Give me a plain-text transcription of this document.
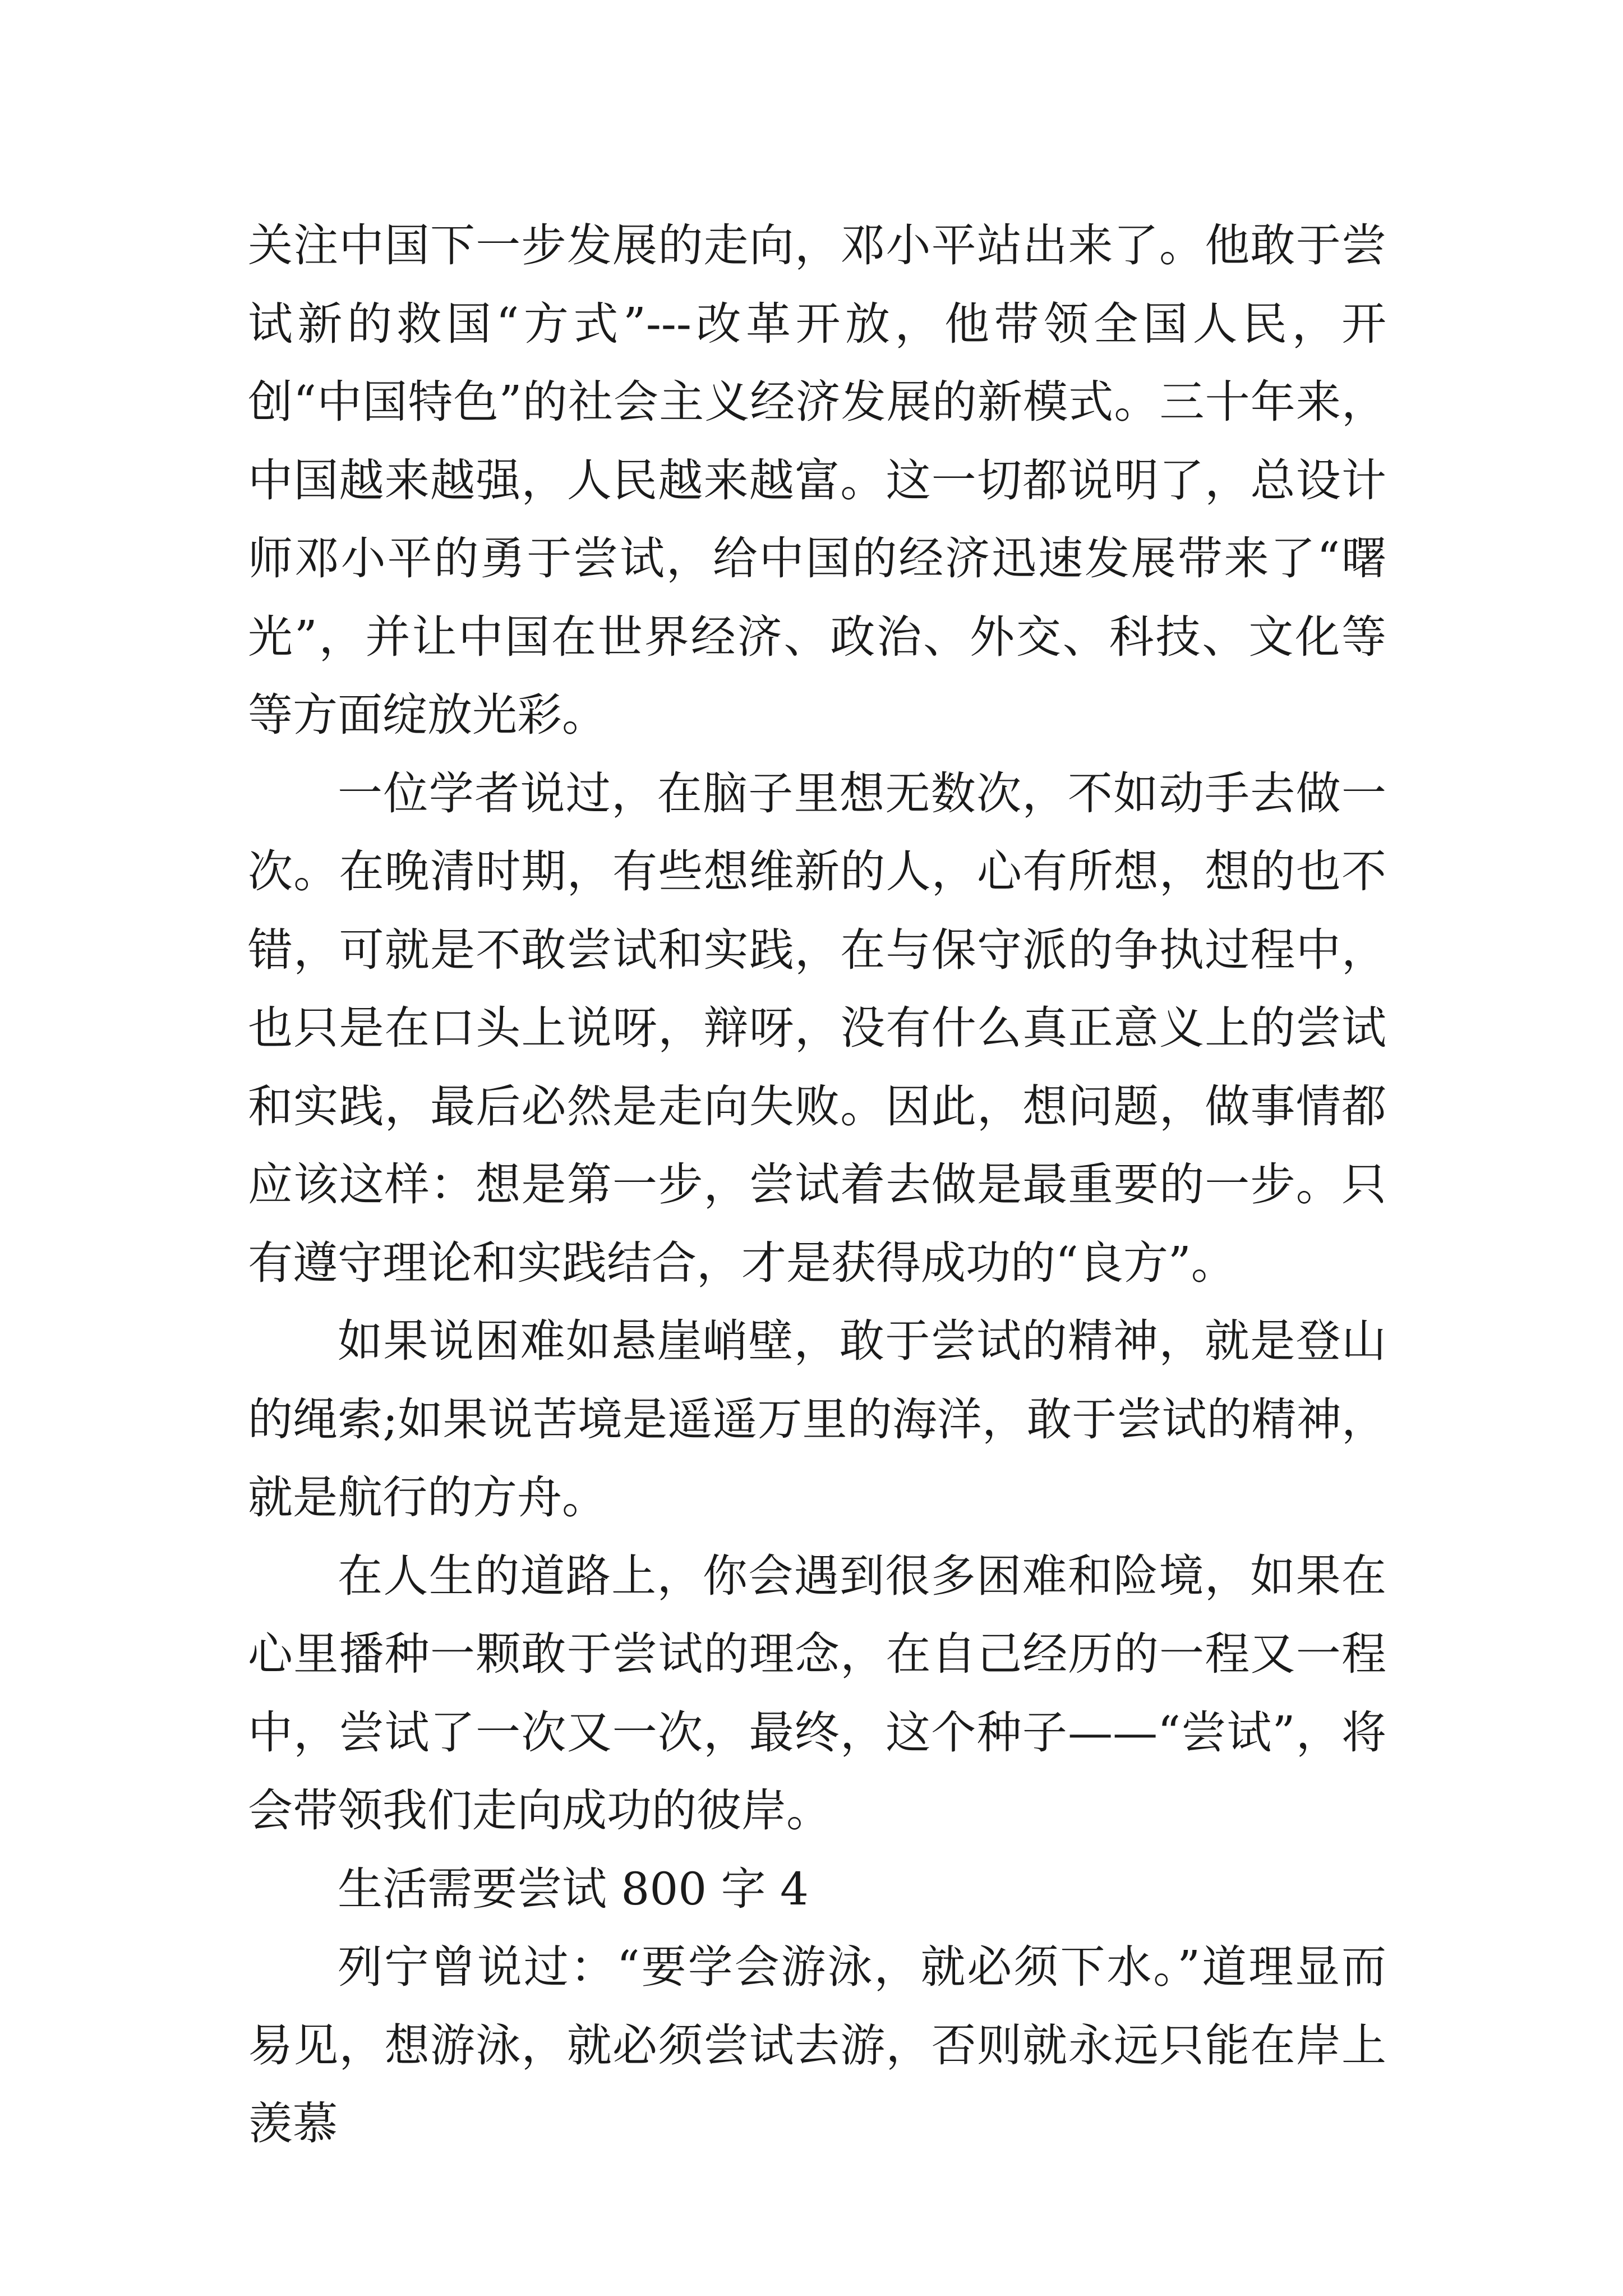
关注中国下一步发展的走向，邓小平站出来了。他敢于尝试新的救国“方式”---改革开放，他带领全国人民，开创“中国特色”的社会主义经济发展的新模式。三十年来，中国越来越强，人民越来越富。这一切都说明了，总设计师邓小平的勇于尝试，给中国的经济迅速发展带来了“曙光”，并让中国在世界经济、政治、外交、科技、文化等等方面绽放光彩。

一位学者说过，在脑子里想无数次，不如动手去做一次。在晚清时期，有些想维新的人，心有所想，想的也不错，可就是不敢尝试和实践，在与保守派的争执过程中，也只是在口头上说呀，辩呀，没有什么真正意义上的尝试和实践，最后必然是走向失败。因此，想问题，做事情都应该这样：想是第一步，尝试着去做是最重要的一步。只有遵守理论和实践结合，才是获得成功的“良方”。

如果说困难如悬崖峭壁，敢于尝试的精神，就是登山的绳索;如果说苦境是遥遥万里的海洋，敢于尝试的精神，就是航行的方舟。

在人生的道路上，你会遇到很多困难和险境，如果在心里播种一颗敢于尝试的理念，在自己经历的一程又一程中，尝试了一次又一次，最终，这个种子——“尝试”，将会带领我们走向成功的彼岸。

生活需要尝试 800 字 4

列宁曾说过：“要学会游泳，就必须下水。”道理显而易见，想游泳，就必须尝试去游，否则就永远只能在岸上羡慕
